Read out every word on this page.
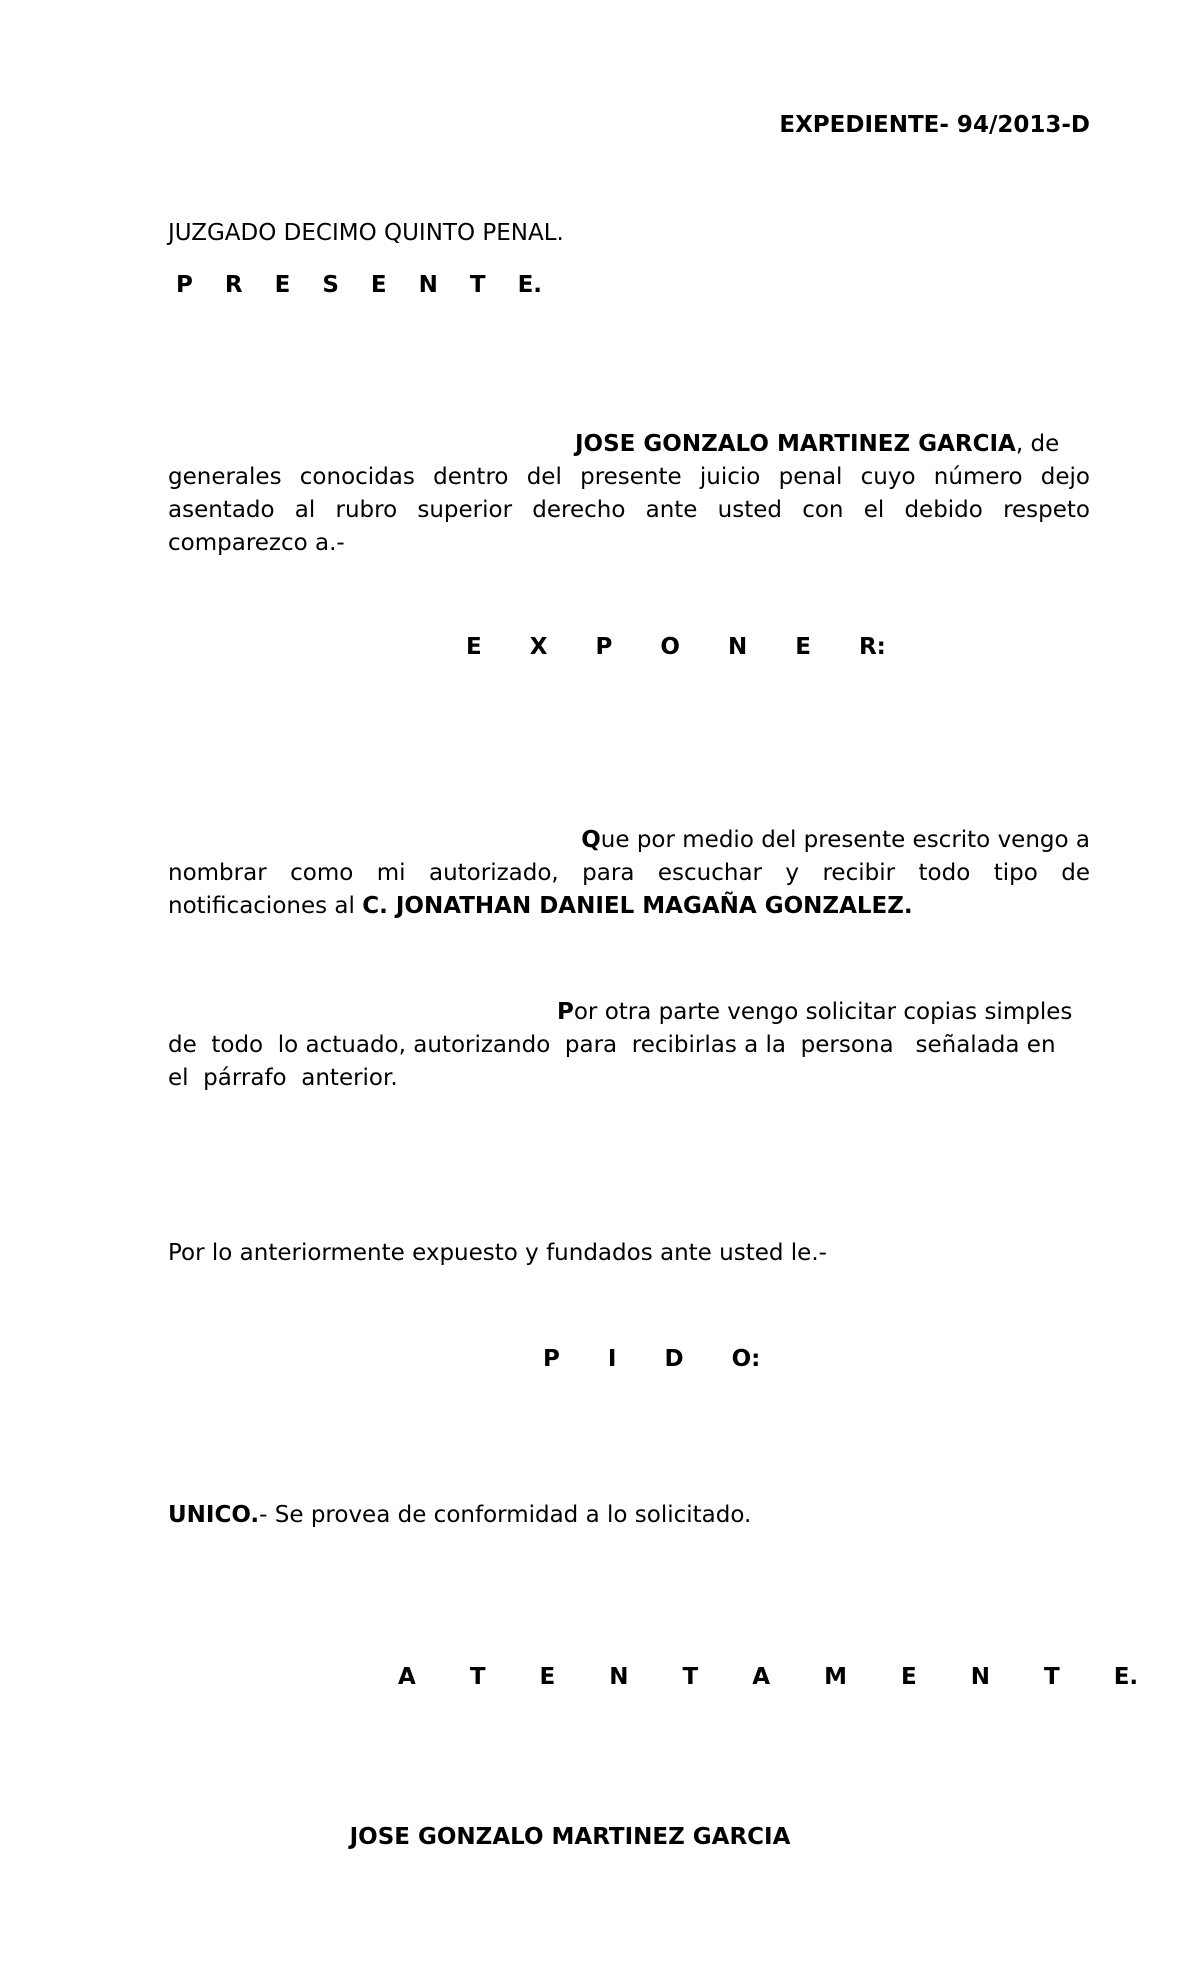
EXPEDIENTE- 94/2013-D

JUZGADO DECIMO QUINTO PENAL.

P  R  E  S  E  N  T  E.

JOSE GONZALO MARTINEZ GARCIA, de
generales conocidas dentro del presente juicio penal cuyo número dejo
asentado al rubro superior derecho ante usted con el debido respeto
comparezco a.-

E   X   P   O   N   E   R:

Que por medio del presente escrito vengo a
nombrar como mi autorizado, para escuchar y recibir todo tipo de
notificaciones al C. JONATHAN DANIEL MAGAÑA GONZALEZ.
Por otra parte vengo solicitar copias simples
de  todo  lo actuado, autorizando  para  recibirlas a la  persona   señalada en
el  párrafo  anterior.

Por lo anteriormente expuesto y fundados ante usted le.-

P   I   D   O:

UNICO.- Se provea de conformidad a lo solicitado.

A   T   E   N   T   A   M   E   N   T   E.

JOSE GONZALO MARTINEZ GARCIA
